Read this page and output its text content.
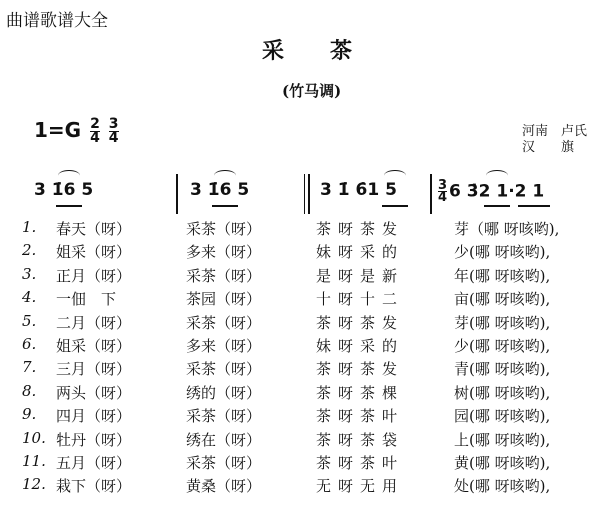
曲谱歌谱大全
采茶
(竹马调)
$1=G \frac{2}{4}$
$\frac{3}{4}$	河南　卢氏
汉　　旗
3 1̇6 5	3 1̇6 5	3 1̇ 6̇1 5	$\frac{3}{4} 6$ 3̇2 1·2 1
1. 春天（呀）	采茶（呀）	茶呀茶发	芽（哪 呀咳哟),
2. 姐采（呀）	多来（呀）	妹呀采的	少(哪 呀咳哟),
3. 正月（呀）	采茶（呀）	是呀是新	年(哪 呀咳哟),
4. 一佃　下	茶园（呀）	十呀十二	亩(哪 呀咳哟),
5. 二月（呀）	采茶（呀）	茶呀茶发	芽(哪 呀咳哟),
6. 姐采（呀）	多来（呀）	妹呀采的	少(哪 呀咳哟),
7. 三月（呀）	采茶（呀）	茶呀茶发	青(哪 呀咳哟),
8. 两头（呀）	绣的（呀）	茶呀茶棵	树(哪 呀咳哟),
9. 四月（呀）	采茶（呀）	茶呀茶叶	园(哪 呀咳哟),
10. 牡丹（呀）	绣在（呀）	茶呀茶袋	上(哪 呀咳哟),
11. 五月（呀）	采茶（呀）	茶呀茶叶	黄(哪 呀咳哟),
12. 栽下（呀）	黄桑（呀）	无呀无用	处(哪 呀咳哟),
